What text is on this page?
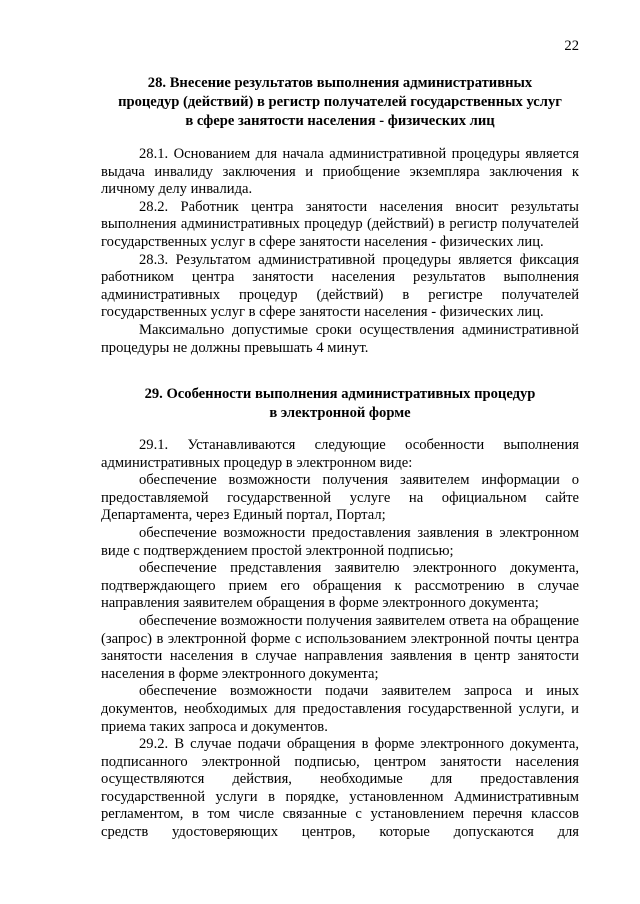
22
28. Внесение результатов выполнения административных
процедур (действий) в регистр получателей государственных услуг
в сфере занятости населения - физических лиц

28.1. Основанием для начала административной процедуры является выдача инвалиду заключения и приобщение экземпляра заключения к личному делу инвалида.

28.2. Работник центра занятости населения вносит результаты выполнения административных процедур (действий) в регистр получателей государственных услуг в сфере занятости населения - физических лиц.

28.3. Результатом административной процедуры является фиксация работником центра занятости населения результатов выполнения административных процедур (действий) в регистре получателей государственных услуг в сфере занятости населения - физических лиц.

Максимально допустимые сроки осуществления административной процедуры не должны превышать 4 минут.

29. Особенности выполнения административных процедур
в электронной форме

29.1. Устанавливаются следующие особенности выполнения административных процедур в электронном виде:

обеспечение возможности получения заявителем информации о предоставляемой государственной услуге на официальном сайте Департамента, через Единый портал, Портал;

обеспечение возможности предоставления заявления в электронном виде с подтверждением простой электронной подписью;

обеспечение представления заявителю электронного документа, подтверждающего прием его обращения к рассмотрению в случае направления заявителем обращения в форме электронного документа;

обеспечение возможности получения заявителем ответа на обращение (запрос) в электронной форме с использованием электронной почты центра занятости населения в случае направления заявления в центр занятости населения в форме электронного документа;

обеспечение возможности подачи заявителем запроса и иных документов, необходимых для предоставления государственной услуги, и приема таких запроса и документов.

29.2. В случае подачи обращения в форме электронного документа, подписанного электронной подписью, центром занятости населения осуществляются действия, необходимые для предоставления государственной услуги в порядке, установленном Административным регламентом, в том числе связанные с установлением перечня классов средств удостоверяющих центров, которые допускаются для
